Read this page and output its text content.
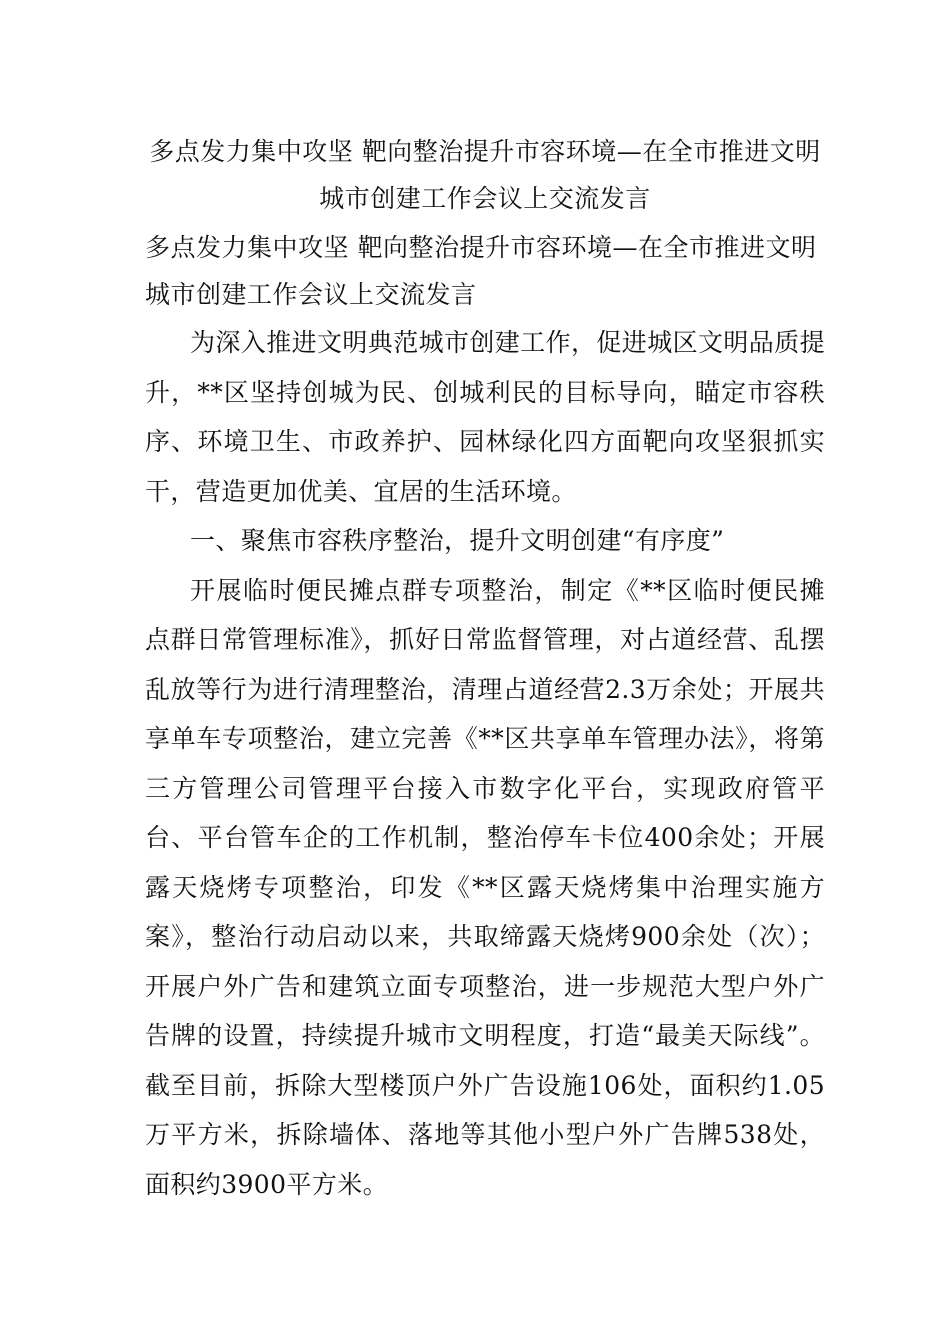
多点发力集中攻坚 靶向整治提升市容环境—在全市推进文明城市创建工作会议上交流发言

多点发力集中攻坚 靶向整治提升市容环境—在全市推进文明城市创建工作会议上交流发言

为深入推进文明典范城市创建工作，促进城区文明品质提升，**区坚持创城为民、创城利民的目标导向，瞄定市容秩序、环境卫生、市政养护、园林绿化四方面靶向攻坚狠抓实干，营造更加优美、宜居的生活环境。

一、聚焦市容秩序整治，提升文明创建“有序度”

开展临时便民摊点群专项整治，制定《**区临时便民摊点群日常管理标准》，抓好日常监督管理，对占道经营、乱摆乱放等行为进行清理整治，清理占道经营2.3万余处；开展共享单车专项整治，建立完善《**区共享单车管理办法》，将第三方管理公司管理平台接入市数字化平台，实现政府管平台、平台管车企的工作机制，整治停车卡位400余处；开展露天烧烤专项整治，印发《**区露天烧烤集中治理实施方案》，整治行动启动以来，共取缔露天烧烤900余处（次）；开展户外广告和建筑立面专项整治，进一步规范大型户外广告牌的设置，持续提升城市文明程度，打造“最美天际线”。截至目前，拆除大型楼顶户外广告设施106处，面积约1.05万平方米，拆除墙体、落地等其他小型户外广告牌538处，面积约3900平方米。
